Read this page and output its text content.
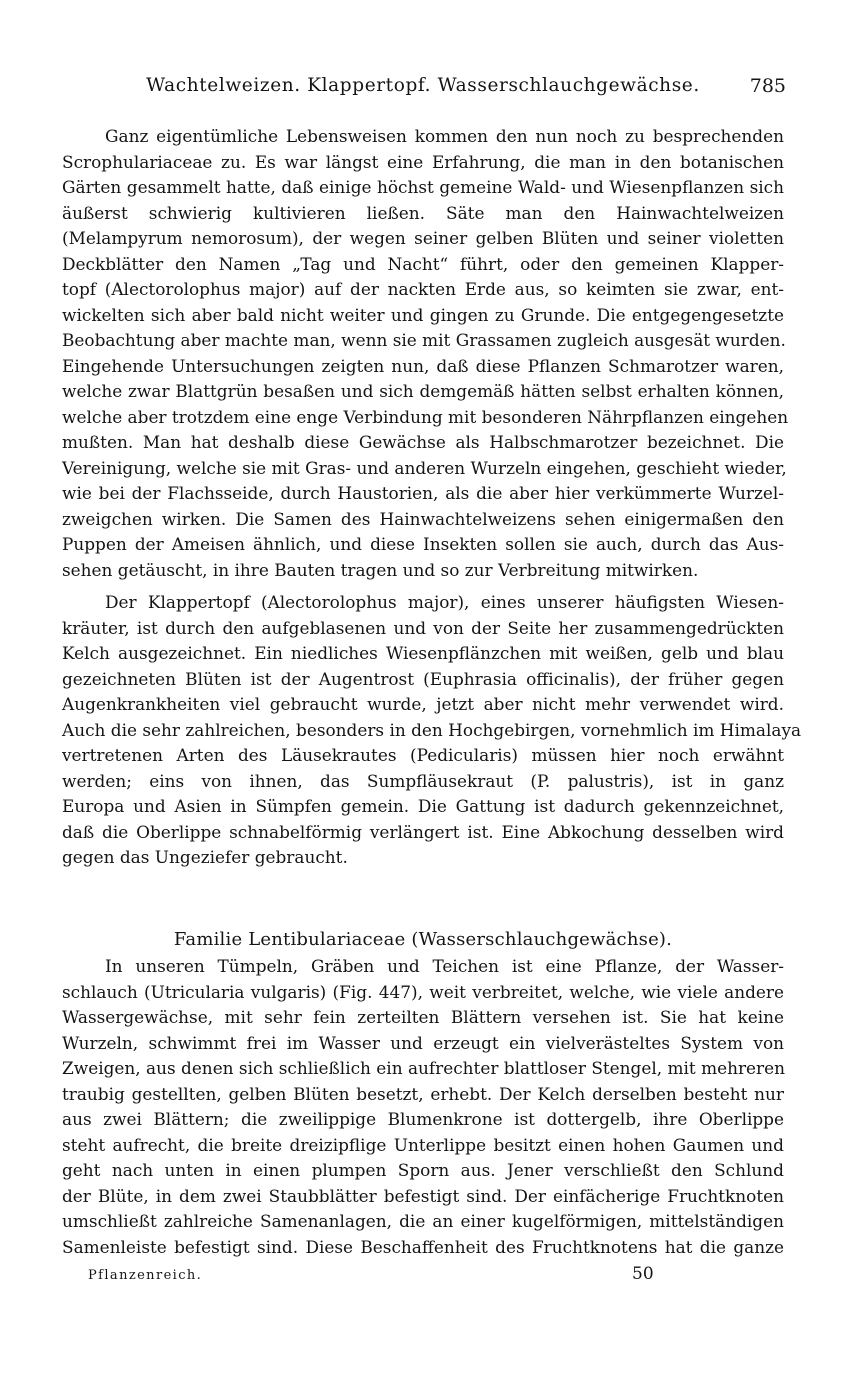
Wachtelweizen. Klappertopf. Wasserschlauchgewächse.	785
Ganz eigentümliche Lebensweisen kommen den nun noch zu besprechenden
Scrophulariaceae zu. Es war längst eine Erfahrung, die man in den botanischen
Gärten gesammelt hatte, daß einige höchst gemeine Wald- und Wiesenpflanzen sich
äußerst schwierig kultivieren ließen. Säte man den Hainwachtelweizen
(Melampyrum nemorosum), der wegen seiner gelben Blüten und seiner violetten
Deckblätter den Namen „Tag und Nacht“ führt, oder den gemeinen Klapper-
topf (Alectorolophus major) auf der nackten Erde aus, so keimten sie zwar, ent-
wickelten sich aber bald nicht weiter und gingen zu Grunde. Die entgegengesetzte
Beobachtung aber machte man, wenn sie mit Grassamen zugleich ausgesät wurden.
Eingehende Untersuchungen zeigten nun, daß diese Pflanzen Schmarotzer waren,
welche zwar Blattgrün besaßen und sich demgemäß hätten selbst erhalten können,
welche aber trotzdem eine enge Verbindung mit besonderen Nährpflanzen eingehen
mußten. Man hat deshalb diese Gewächse als Halbschmarotzer bezeichnet. Die
Vereinigung, welche sie mit Gras- und anderen Wurzeln eingehen, geschieht wieder,
wie bei der Flachsseide, durch Haustorien, als die aber hier verkümmerte Wurzel-
zweigchen wirken. Die Samen des Hainwachtelweizens sehen einigermaßen den
Puppen der Ameisen ähnlich, und diese Insekten sollen sie auch, durch das Aus-
sehen getäuscht, in ihre Bauten tragen und so zur Verbreitung mitwirken.
Der Klappertopf (Alectorolophus major), eines unserer häufigsten Wiesen-
kräuter, ist durch den aufgeblasenen und von der Seite her zusammengedrückten
Kelch ausgezeichnet. Ein niedliches Wiesenpflänzchen mit weißen, gelb und blau
gezeichneten Blüten ist der Augentrost (Euphrasia officinalis), der früher gegen
Augenkrankheiten viel gebraucht wurde, jetzt aber nicht mehr verwendet wird.
Auch die sehr zahlreichen, besonders in den Hochgebirgen, vornehmlich im Himalaya
vertretenen Arten des Läusekrautes (Pedicularis) müssen hier noch erwähnt
werden; eins von ihnen, das Sumpfläusekraut (P. palustris), ist in ganz
Europa und Asien in Sümpfen gemein. Die Gattung ist dadurch gekennzeichnet,
daß die Oberlippe schnabelförmig verlängert ist. Eine Abkochung desselben wird
gegen das Ungeziefer gebraucht.
Familie Lentibulariaceae (Wasserschlauchgewächse).
In unseren Tümpeln, Gräben und Teichen ist eine Pflanze, der Wasser-
schlauch (Utricularia vulgaris) (Fig. 447), weit verbreitet, welche, wie viele andere
Wassergewächse, mit sehr fein zerteilten Blättern versehen ist. Sie hat keine
Wurzeln, schwimmt frei im Wasser und erzeugt ein vielverästeltes System von
Zweigen, aus denen sich schließlich ein aufrechter blattloser Stengel, mit mehreren
traubig gestellten, gelben Blüten besetzt, erhebt. Der Kelch derselben besteht nur
aus zwei Blättern; die zweilippige Blumenkrone ist dottergelb, ihre Oberlippe
steht aufrecht, die breite dreizipflige Unterlippe besitzt einen hohen Gaumen und
geht nach unten in einen plumpen Sporn aus. Jener verschließt den Schlund
der Blüte, in dem zwei Staubblätter befestigt sind. Der einfächerige Fruchtknoten
umschließt zahlreiche Samenanlagen, die an einer kugelförmigen, mittelständigen
Samenleiste befestigt sind. Diese Beschaffenheit des Fruchtknotens hat die ganze
Pflanzenreich.	50
